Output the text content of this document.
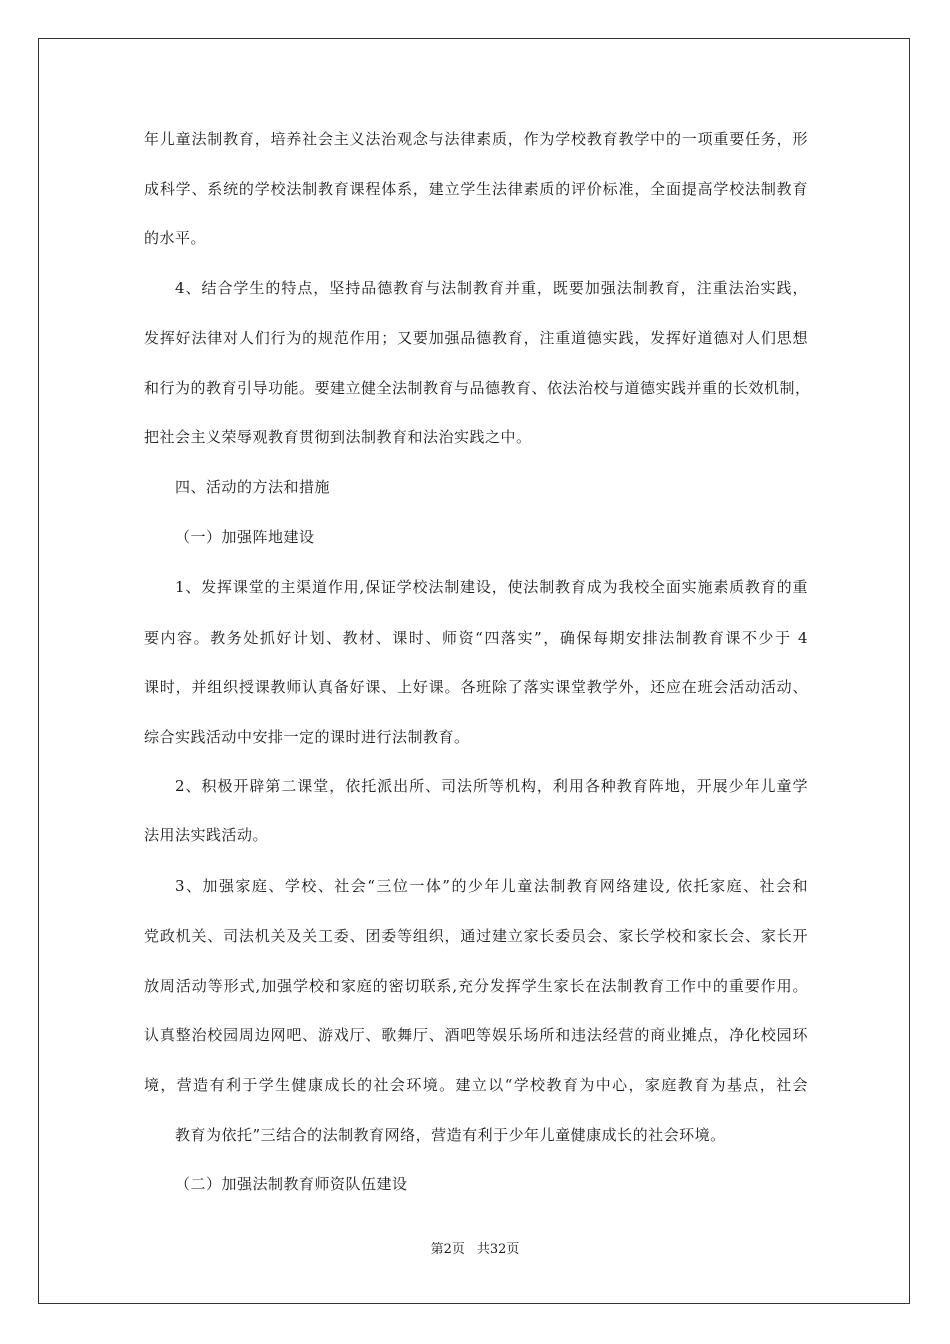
年儿童法制教育，培养社会主义法治观念与法律素质，作为学校教育教学中的一项重要任务，形
成科学、系统的学校法制教育课程体系，建立学生法律素质的评价标准，全面提高学校法制教育
的水平。
4、结合学生的特点，坚持品德教育与法制教育并重，既要加强法制教育，注重法治实践，
发挥好法律对人们行为的规范作用；又要加强品德教育，注重道德实践，发挥好道德对人们思想
和行为的教育引导功能。要建立健全法制教育与品德教育、依法治校与道德实践并重的长效机制，
把社会主义荣辱观教育贯彻到法制教育和法治实践之中。
四、活动的方法和措施
（一）加强阵地建设
1、发挥课堂的主渠道作用,保证学校法制建设，使法制教育成为我校全面实施素质教育的重
要内容。教务处抓好计划、教材、课时、师资“四落实”，确保每期安排法制教育课不少于 4
课时，并组织授课教师认真备好课、上好课。各班除了落实课堂教学外，还应在班会活动活动、
综合实践活动中安排一定的课时进行法制教育。
2、积极开辟第二课堂，依托派出所、司法所等机构，利用各种教育阵地，开展少年儿童学
法用法实践活动。
3、加强家庭、学校、社会“三位一体”的少年儿童法制教育网络建设, 依托家庭、社会和
党政机关、司法机关及关工委、团委等组织，通过建立家长委员会、家长学校和家长会、家长开
放周活动等形式,加强学校和家庭的密切联系,充分发挥学生家长在法制教育工作中的重要作用。
认真整治校园周边网吧、游戏厅、歌舞厅、酒吧等娱乐场所和违法经营的商业摊点，净化校园环
境，营造有利于学生健康成长的社会环境。建立以“学校教育为中心，家庭教育为基点，社会
教育为依托”三结合的法制教育网络，营造有利于少年儿童健康成长的社会环境。
（二）加强法制教育师资队伍建设
第2页 共32页
